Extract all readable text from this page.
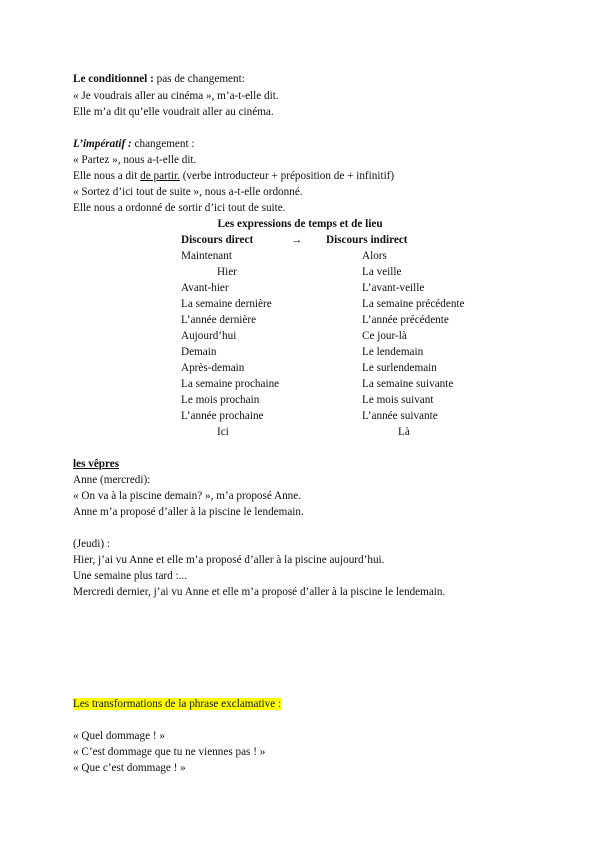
Le conditionnel : pas de changement:
« Je voudrais aller au cinéma », m’a-t-elle dit.
Elle m’a dit qu’elle voudrait aller au cinéma.
L’impératif : changement :
« Partez », nous a-t-elle dit.
Elle nous a dit de partir. (verbe introducteur + préposition de + infinitif)
« Sortez d’ici tout de suite », nous a-t-elle ordonné.
Elle nous a ordonné de sortir d’ici tout de suite.
Les expressions de temps et de lieu
Discours direct	→ Discours indirect
Maintenant	Alors
Hier	La veille
Avant-hier	L’avant-veille
La semaine dernière	La semaine précédente
L’année dernière	L’année précédente
Aujourd’hui	Ce jour-là
Demain	Le lendemain
Après-demain	Le surlendemain
La semaine prochaine	La semaine suivante
Le mois prochain	Le mois suivant
L’année prochaine	L’année suivante
Ici	Là
les vêpres
Anne (mercredi):
« On va à la piscine demain? », m’a proposé Anne.
Anne m’a proposé d’aller à la piscine le lendemain.
(Jeudi) :
Hier, j’ai vu Anne et elle m’a proposé d’aller à la piscine aujourd’hui.
Une semaine plus tard :...
Mercredi dernier, j’ai vu Anne et elle m’a proposé d’aller à la piscine le lendemain.
Les transformations de la phrase exclamative :
« Quel dommage ! »
« C’est dommage que tu ne viennes pas ! »
« Que c’est dommage ! »
